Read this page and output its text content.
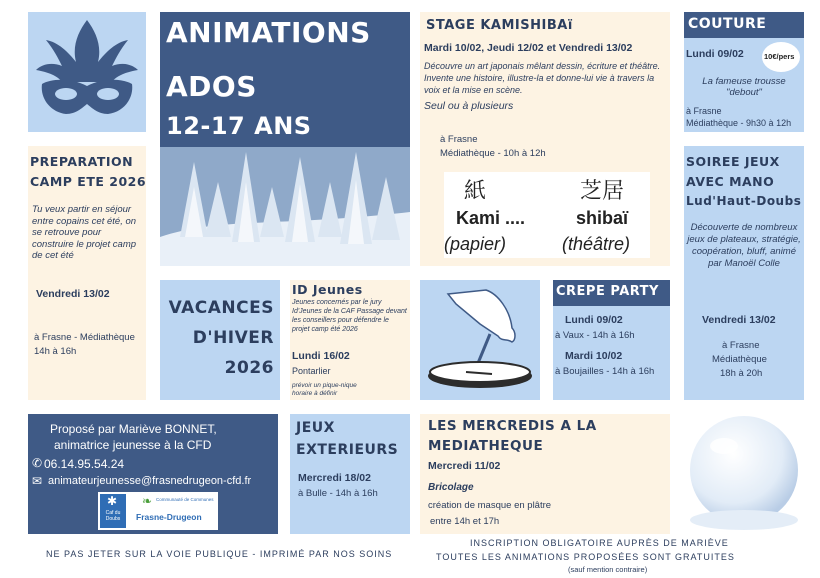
ANIMATIONS
ADOS
12-17 ANS
STAGE KAMISHIBAï
Mardi 10/02, Jeudi 12/02 et Vendredi 13/02
Découvre un art japonais mêlant dessin, écriture et théâtre. Invente une histoire, illustre-la et donne-lui vie à travers la voix et la mise en scène.
Seul ou à plusieurs
à Frasne
Médiathèque - 10h à 12h
紙	芝居
Kami ....	shibaï
(papier)	(théâtre)
COUTURE
Lundi 09/02	10€/pers
La fameuse trousse "debout"
à Frasne
Médiathèque - 9h30 à 12h
PREPARATION
CAMP ETE 2026
Tu veux partir en séjour entre copains cet été, on se retrouve pour construire le projet camp de cet été
Vendredi 13/02
à Frasne - Médiathèque
14h à 16h
SOIREE JEUX
AVEC MANO
Lud'Haut-Doubs
Découverte de nombreux jeux de plateaux, stratégie, coopération, bluff, animé par Manoël Colle
Vendredi 13/02
à Frasne
Médiathèque
18h à 20h
VACANCES
D'HIVER
2026
ID Jeunes
Jeunes concernés par le jury Id'Jeunes de la CAF Passage devant les conseillers pour défendre le projet camp été 2026
Lundi 16/02
Pontarlier
prévoir un pique-nique horaire à définir
CREPE PARTY
Lundi 09/02
à Vaux - 14h à 16h
Mardi 10/02
à Boujailles - 14h à 16h
Proposé par Mariève BONNET,
animatrice jeunesse à la CFD
✆ 06.14.95.54.24
✉ animateurjeunesse@frasnedrugeon-cfd.fr
✱
Caf du Doubs
❧ Communauté de Communes
Frasne-Drugeon
JEUX
EXTERIEURS
Mercredi 18/02
à Bulle - 14h à 16h
LES MERCREDIS A LA
MEDIATHEQUE
Mercredi 11/02
Bricolage
création de masque en plâtre
entre 14h et 17h
NE PAS JETER SUR LA VOIE PUBLIQUE - IMPRIMÉ PAR NOS SOINS
INSCRIPTION OBLIGATOIRE AUPRÈS DE MARIÈVE
TOUTES LES ANIMATIONS PROPOSÉES SONT GRATUITES
(sauf mention contraire)
